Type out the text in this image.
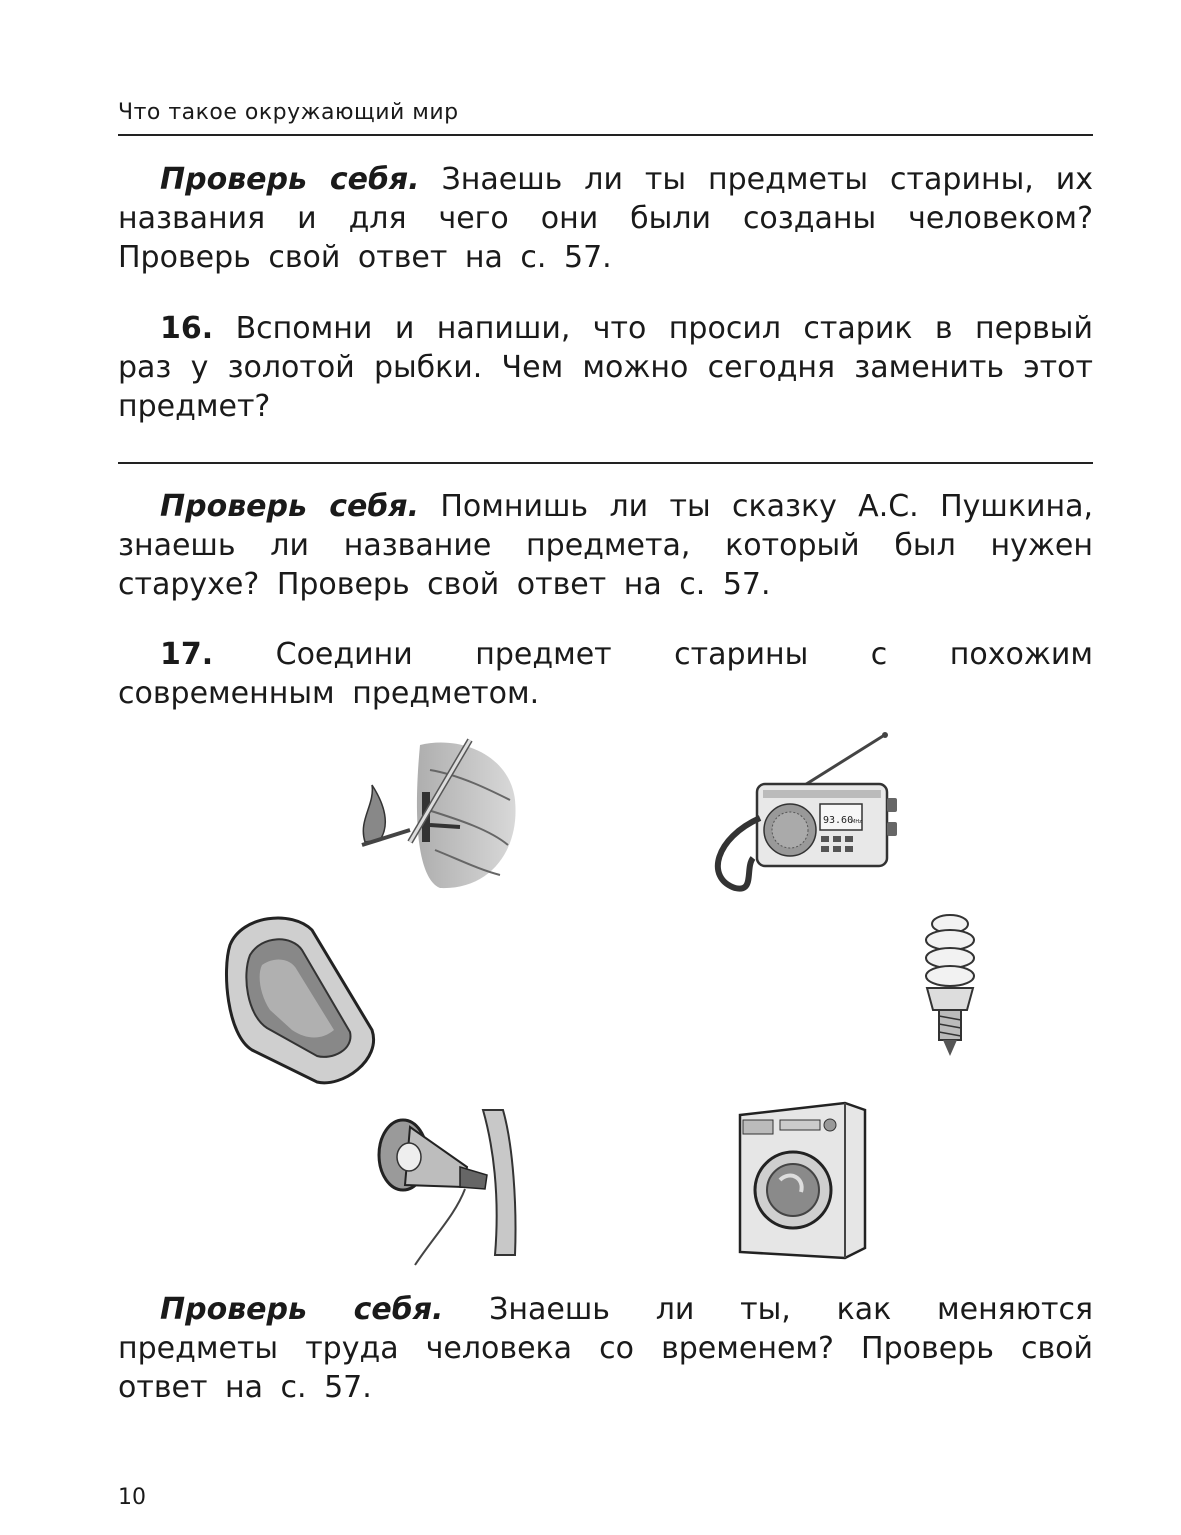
Что такое окружающий мир
Проверь себя. Знаешь ли ты предметы старины, их названия и для чего они были созданы человеком? Проверь свой ответ на с. 57.
16. Вспомни и напиши, что просил старик в первый раз у золотой рыбки. Чем можно сегодня заменить этот предмет?
Проверь себя. Помнишь ли ты сказку А.С. Пушкина, знаешь ли название предмета, который был нужен старухе? Проверь свой ответ на с. 57.
17. Соедини предмет старины с похожим современным предметом.
93.60
MHz
Проверь себя. Знаешь ли ты, как меняются предметы труда человека со временем? Проверь свой ответ на с. 57.
10
